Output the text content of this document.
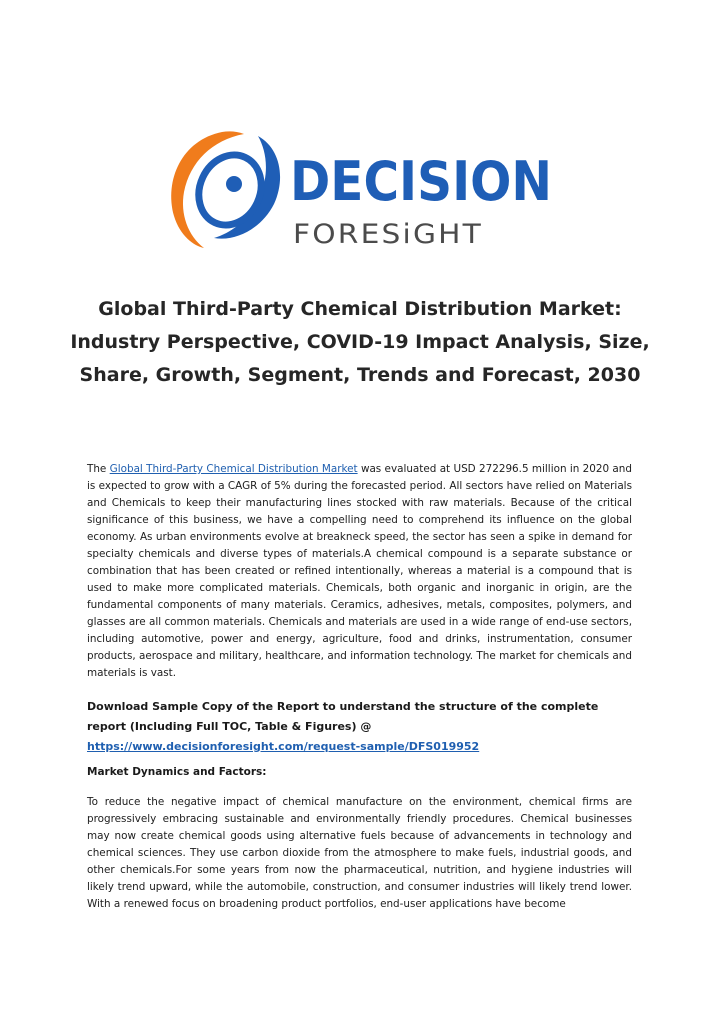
DECISION
FORESiGHT
Global Third-Party Chemical Distribution Market: Industry Perspective, COVID-19 Impact Analysis, Size, Share, Growth, Segment, Trends and Forecast, 2030

The Global Third-Party Chemical Distribution Market was evaluated at USD 272296.5 million in 2020 and is expected to grow with a CAGR of 5% during the forecasted period. All sectors have relied on Materials and Chemicals to keep their manufacturing lines stocked with raw materials. Because of the critical significance of this business, we have a compelling need to comprehend its influence on the global economy. As urban environments evolve at breakneck speed, the sector has seen a spike in demand for specialty chemicals and diverse types of materials.A chemical compound is a separate substance or combination that has been created or refined intentionally, whereas a material is a compound that is used to make more complicated materials. Chemicals, both organic and inorganic in origin, are the fundamental components of many materials. Ceramics, adhesives, metals, composites, polymers, and glasses are all common materials. Chemicals and materials are used in a wide range of end-use sectors, including automotive, power and energy, agriculture, food and drinks, instrumentation, consumer products, aerospace and military, healthcare, and information technology. The market for chemicals and materials is vast.

Download Sample Copy of the Report to understand the structure of the complete report (Including Full TOC, Table & Figures) @
https://www.decisionforesight.com/request-sample/DFS019952
Market Dynamics and Factors:

To reduce the negative impact of chemical manufacture on the environment, chemical firms are progressively embracing sustainable and environmentally friendly procedures. Chemical businesses may now create chemical goods using alternative fuels because of advancements in technology and chemical sciences. They use carbon dioxide from the atmosphere to make fuels, industrial goods, and other chemicals.For some years from now the pharmaceutical, nutrition, and hygiene industries will likely trend upward, while the automobile, construction, and consumer industries will likely trend lower. With a renewed focus on broadening product portfolios, end-user applications have become
